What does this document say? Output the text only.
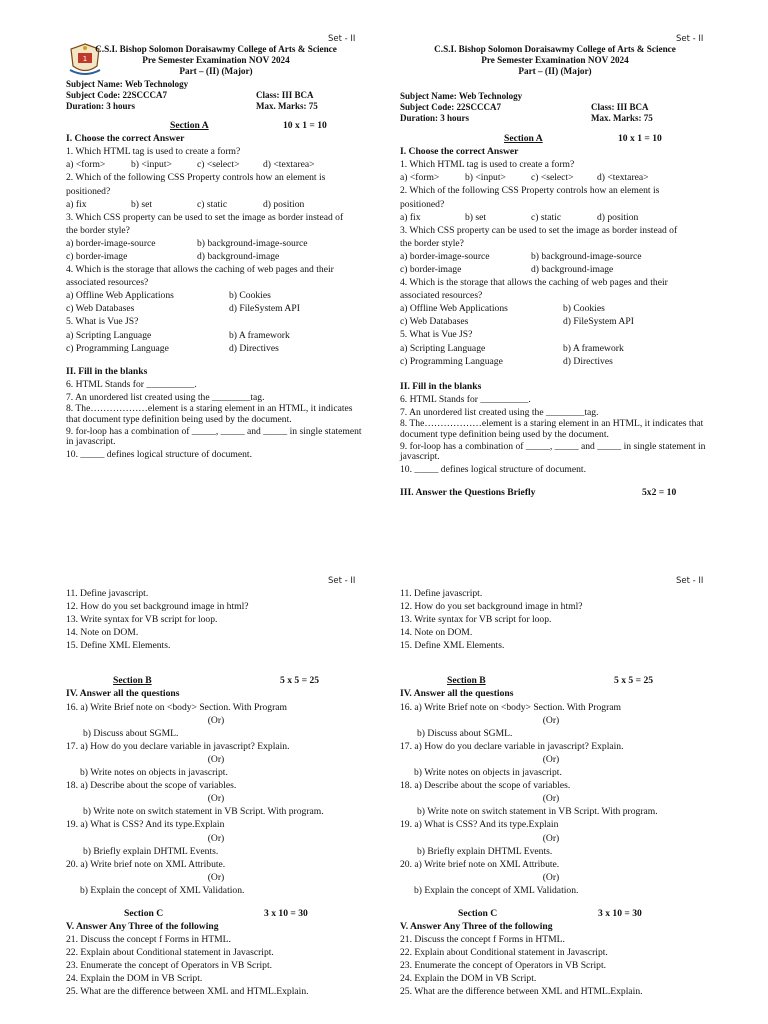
Set - II
1
C.S.I. Bishop Solomon Doraisawmy College of Arts & Science
Pre Semester Examination NOV 2024
Part – (II) (Major)
Subject Name: Web Technology
Subject Code: 22SCCCA7	Class: III BCA
Duration: 3 hours	Max. Marks: 75
Section A	10 x 1 = 10
I. Choose the correct Answer
1. Which HTML tag is used to create a form?
a) <form>	b) <input>	c) <select> d) <textarea>
2. Which of the following CSS Property controls how an element is
positioned?
a) fix	b) set	c) static	d) position
3. Which CSS property can be used to set the image as border instead of
the border style?
a) border-image-source	b) background-image-source
c) border-image	d) background-image
4. Which is the storage that allows the caching of web pages and their
associated resources?
a) Offline Web Applications	b) Cookies
c) Web Databases	d) FileSystem API
5. What is Vue JS?
a) Scripting Language	b) A framework
c) Programming Language	d) Directives
II. Fill in the blanks
6. HTML Stands for __________.
7. An unordered list created using the ________tag.
8. The………………element is a staring element in an HTML, it indicates that document type definition being used by the document.
9. for-loop has a combination of _____, _____ and _____ in single statement in javascript.
10. _____ defines logical structure of document.
Set - II
C.S.I. Bishop Solomon Doraisawmy College of Arts & Science
Pre Semester Examination NOV 2024
Part – (II) (Major)
Subject Name: Web Technology
Subject Code: 22SCCCA7	Class: III BCA
Duration: 3 hours	Max. Marks: 75
Section A	10 x 1 = 10
I. Choose the correct Answer
1. Which HTML tag is used to create a form?
a) <form>	b) <input>	c) <select> d) <textarea>
2. Which of the following CSS Property controls how an element is
positioned?
a) fix	b) set	c) static	d) position
3. Which CSS property can be used to set the image as border instead of
the border style?
a) border-image-source	b) background-image-source
c) border-image	d) background-image
4. Which is the storage that allows the caching of web pages and their
associated resources?
a) Offline Web Applications	b) Cookies
c) Web Databases	d) FileSystem API
5. What is Vue JS?
a) Scripting Language	b) A framework
c) Programming Language	d) Directives
II. Fill in the blanks
6. HTML Stands for __________.
7. An unordered list created using the ________tag.
8. The………………element is a staring element in an HTML, it indicates that document type definition being used by the document.
9. for-loop has a combination of _____, _____ and _____ in single statement in javascript.
10. _____ defines logical structure of document.
III. Answer the Questions Briefly	5x2 = 10
Set - II
11. Define javascript.
12. How do you set background image in html?
13. Write syntax for VB script for loop.
14. Note on DOM.
15. Define XML Elements.
Section B	5 x 5 = 25
IV. Answer all the questions
16. a) Write Brief note on <body> Section. With Program
(Or)
b) Discuss about SGML.
17. a) How do you declare variable in javascript? Explain.
(Or)
b) Write notes on objects in javascript.
18. a) Describe about the scope of variables.
(Or)
b) Write note on switch statement in VB Script. With program.
19. a) What is CSS? And its type.Explain
(Or)
b) Briefly explain DHTML Events.
20. a) Write brief note on XML Attribute.
(Or)
b) Explain the concept of XML Validation.
Section C	3 x 10 = 30
V. Answer Any Three of the following
21. Discuss the concept f Forms in HTML.
22. Explain about Conditional statement in Javascript.
23. Enumerate the concept of Operators in VB Script.
24. Explain the DOM in VB Script.
25. What are the difference between XML and HTML.Explain.
Set - II
11. Define javascript.
12. How do you set background image in html?
13. Write syntax for VB script for loop.
14. Note on DOM.
15. Define XML Elements.
Section B	5 x 5 = 25
IV. Answer all the questions
16. a) Write Brief note on <body> Section. With Program
(Or)
b) Discuss about SGML.
17. a) How do you declare variable in javascript? Explain.
(Or)
b) Write notes on objects in javascript.
18. a) Describe about the scope of variables.
(Or)
b) Write note on switch statement in VB Script. With program.
19. a) What is CSS? And its type.Explain
(Or)
b) Briefly explain DHTML Events.
20. a) Write brief note on XML Attribute.
(Or)
b) Explain the concept of XML Validation.
Section C	3 x 10 = 30
V. Answer Any Three of the following
21. Discuss the concept f Forms in HTML.
22. Explain about Conditional statement in Javascript.
23. Enumerate the concept of Operators in VB Script.
24. Explain the DOM in VB Script.
25. What are the difference between XML and HTML.Explain.
